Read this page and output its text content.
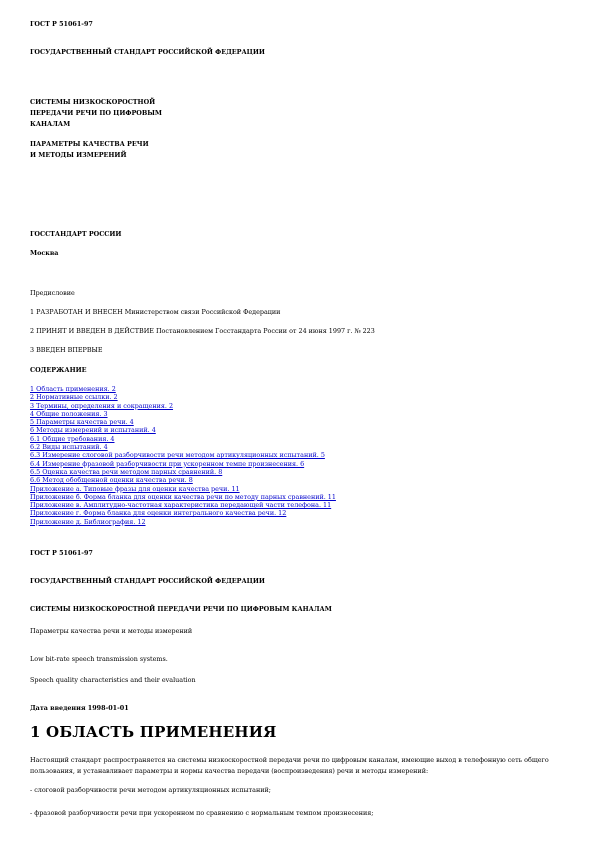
ГОСТ Р 51061-97
ГОСУДАРСТВЕННЫЙ СТАНДАРТ РОССИЙСКОЙ ФЕДЕРАЦИИ
СИСТЕМЫ НИЗКОСКОРОСТНОЙ
ПЕРЕДАЧИ РЕЧИ ПО ЦИФРОВЫМ
КАНАЛАМ
ПАРАМЕТРЫ КАЧЕСТВА РЕЧИ
И МЕТОДЫ ИЗМЕРЕНИЙ
ГОССТАНДАРТ РОССИИ
Москва
Предисловие
1 РАЗРАБОТАН И ВНЕСЕН Министерством связи Российской Федерации
2 ПРИНЯТ И ВВЕДЕН В ДЕЙСТВИЕ Постановлением Госстандарта России от 24 июня 1997 г. № 223
3 ВВЕДЕН ВПЕРВЫЕ
СОДЕРЖАНИЕ
1 Область применения. 2
2 Нормативные ссылки. 2
3 Термины, определения и сокращения. 2
4 Общие положения. 3
5 Параметры качества речи. 4
6 Методы измерений и испытаний. 4
6.1 Общие требования. 4
6.2 Виды испытаний. 4
6.3 Измерение слоговой разборчивости речи методом артикуляционных испытаний. 5
6.4 Измерение фразовой разборчивости при ускоренном темпе произнесения. 6
6.5 Оценка качества речи методом парных сравнений. 8
6.6 Метод обобщенной оценки качества речи. 8
Приложение а. Типовые фразы для оценки качества речи. 11
Приложение б. Форма бланка для оценки качества речи по методу парных сравнений. 11
Приложение в. Амплитудно-частотная характеристика передающей части телефона. 11
Приложение г. Форма бланка для оценки интегрального качества речи. 12
Приложение д. Библиография. 12
ГОСТ Р 51061-97
ГОСУДАРСТВЕННЫЙ СТАНДАРТ РОССИЙСКОЙ ФЕДЕРАЦИИ
СИСТЕМЫ НИЗКОСКОРОСТНОЙ ПЕРЕДАЧИ РЕЧИ ПО ЦИФРОВЫМ КАНАЛАМ
Параметры качества речи и методы измерений
Low bit-rate speech transmission systems.
Speech quality characteristics and their evaluation
Дата введения 1998-01-01
1 ОБЛАСТЬ ПРИМЕНЕНИЯ
Настоящий стандарт распространяется на системы низкоскоростной передачи речи по цифровым каналам, имеющие выход в телефонную сеть общего пользования, и устанавливает параметры и нормы качества передачи (воспроизведения) речи и методы измерений:
- слоговой разборчивости речи методом артикуляционных испытаний;
- фразовой разборчивости речи при ускоренном по сравнению с нормальным темпом произнесения;
